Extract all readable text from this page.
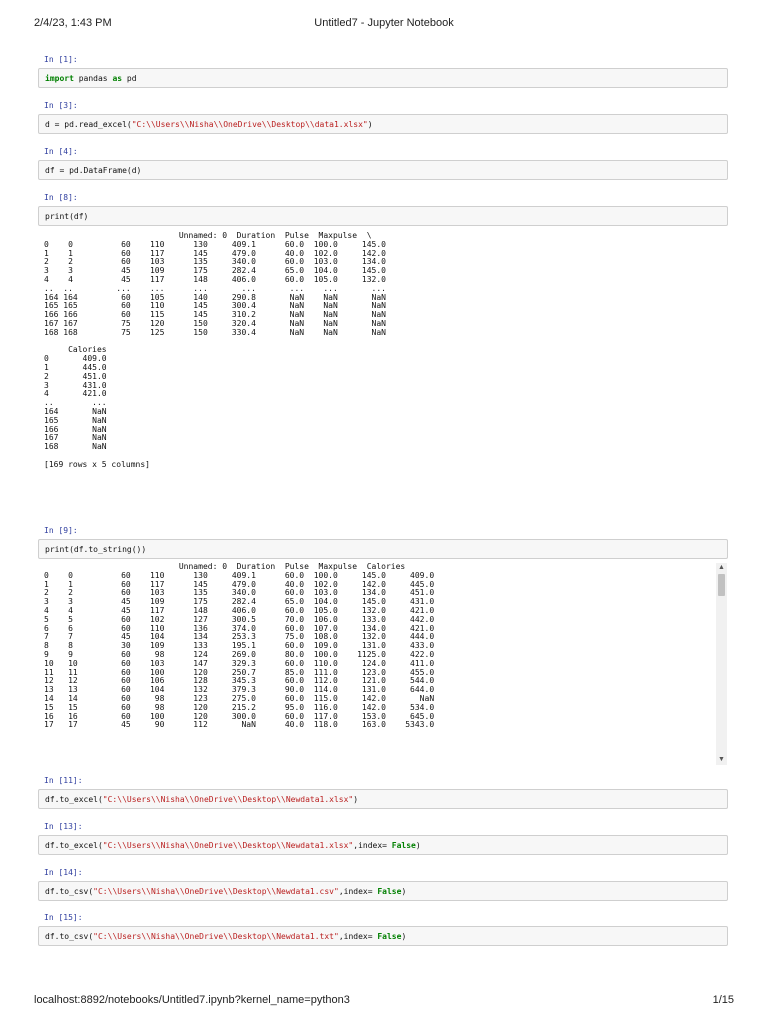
2/4/23, 1:43 PM	Untitled7 - Jupyter Notebook
In [1]:
import pandas as pd
In [3]:
d = pd.read_excel( "C:\\Users\\Nisha\\OneDrive\\Desktop\\data1.xlsx" )
In [4]:
df = pd.DataFrame(d)
In [8]:
print(df)
Unnamed: 0  Duration  Pulse  Maxpulse  \
0    0          60    110      130     409.1      60.0  100.0     145.0
1    1          60    117      145     479.0      40.0  102.0     142.0
2    2          60    103      135     340.0      60.0  103.0     134.0
3    3          45    109      175     282.4      65.0  104.0     145.0
4    4          45    117      148     406.0      60.0  105.0     132.0
..  ..         ...    ...      ...       ...       ...    ...       ...
164 164         60    105      140     290.8       NaN    NaN       NaN
165 165         60    110      145     300.4       NaN    NaN       NaN
166 166         60    115      145     310.2       NaN    NaN       NaN
167 167         75    120      150     320.4       NaN    NaN       NaN
168 168         75    125      150     330.4       NaN    NaN       NaN

Calories
0       409.0
1       445.0
2       451.0
3       431.0
4       421.0
..        ...
164       NaN
165       NaN
166       NaN
167       NaN
168       NaN

[169 rows x 5 columns]
In [9]:
print(df.to_string())
Unnamed: 0  Duration  Pulse  Maxpulse  Calories
0    0          60    110      130     409.1      60.0  100.0     145.0     409.0
1    1          60    117      145     479.0      40.0  102.0     142.0     445.0
2    2          60    103      135     340.0      60.0  103.0     134.0     451.0
3    3          45    109      175     282.4      65.0  104.0     145.0     431.0
4    4          45    117      148     406.0      60.0  105.0     132.0     421.0
5    5          60    102      127     300.5      70.0  106.0     133.0     442.0
6    6          60    110      136     374.0      60.0  107.0     134.0     421.0
7    7          45    104      134     253.3      75.0  108.0     132.0     444.0
8    8          30    109      133     195.1      60.0  109.0     131.0     433.0
9    9          60     98      124     269.0      80.0  100.0    1125.0     422.0
10   10         60    103      147     329.3      60.0  110.0     124.0     411.0
11   11         60    100      120     250.7      85.0  111.0     123.0     455.0
12   12         60    106      128     345.3      60.0  112.0     121.0     544.0
13   13         60    104      132     379.3      90.0  114.0     131.0     644.0
14   14         60     98      123     275.0      60.0  115.0     142.0       NaN
15   15         60     98      120     215.2      95.0  116.0     142.0     534.0
16   16         60    100      120     300.0      60.0  117.0     153.0     645.0
17   17         45     90      112       NaN      40.0  118.0     163.0    5343.0
▲
▼
In [11]:
df.to_excel( "C:\\Users\\Nisha\\OneDrive\\Desktop\\Newdata1.xlsx" )
In [13]:
df.to_excel( "C:\\Users\\Nisha\\OneDrive\\Desktop\\Newdata1.xlsx" ,index= False )
In [14]:
df.to_csv( "C:\\Users\\Nisha\\OneDrive\\Desktop\\Newdata1.csv" ,index= False )
In [15]:
df.to_csv( "C:\\Users\\Nisha\\OneDrive\\Desktop\\Newdata1.txt" ,index= False )
localhost:8892/notebooks/Untitled7.ipynb?kernel_name=python3	1/15
